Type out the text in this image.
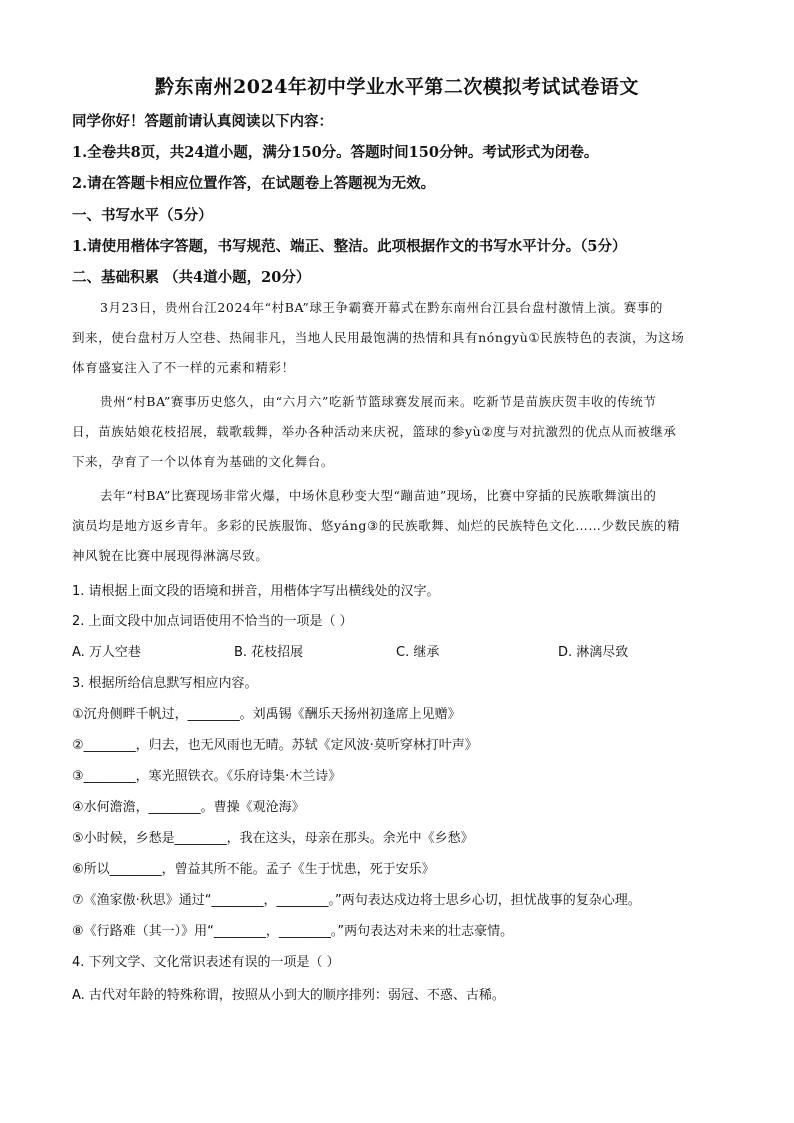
黔东南州2024年初中学业水平第二次模拟考试试卷语文
同学你好！答题前请认真阅读以下内容：
1.全卷共8页，共24道小题，满分150分。答题时间150分钟。考试形式为闭卷。
2.请在答题卡相应位置作答，在试题卷上答题视为无效。
一、书写水平（5分）
1.请使用楷体字答题，书写规范、端正、整洁。此项根据作文的书写水平计分。（5分）
二、基础积累 （共4道小题，20分）
3月23日，贵州台江2024年“村BA”球王争霸赛开幕式在黔东南州台江县台盘村激情上演。赛事的
到来，使台盘村万人空巷、热闹非凡，当地人民用最饱满的热情和具有nóngyù①民族特色的表演，为这场
体育盛宴注入了不一样的元素和精彩！
贵州“村BA”赛事历史悠久，由“六月六”吃新节篮球赛发展而来。吃新节是苗族庆贺丰收的传统节
日，苗族姑娘花枝招展，载歌载舞，举办各种活动来庆祝，篮球的参yù②度与对抗激烈的优点从而被继承
下来，孕育了一个以体育为基础的文化舞台。
去年“村BA”比赛现场非常火爆，中场休息秒变大型“蹦苗迪”现场，比赛中穿插的民族歌舞演出的
演员均是地方返乡青年。多彩的民族服饰、悠yáng③的民族歌舞、灿烂的民族特色文化……少数民族的精
神风貌在比赛中展现得淋漓尽致。
1. 请根据上面文段的语境和拼音，用楷体字写出横线处的汉字。
2. 上面文段中加点词语使用不恰当的一项是（ ）
A. 万人空巷	B. 花枝招展	C. 继承	D. 淋漓尽致
3. 根据所给信息默写相应内容。
①沉舟侧畔千帆过，________。刘禹锡《酬乐天扬州初逢席上见赠》
②________，归去，也无风雨也无晴。苏轼《定风波·莫听穿林打叶声》
③________，寒光照铁衣。《乐府诗集·木兰诗》
④水何澹澹，________。曹操《观沧海》
⑤小时候，乡愁是________，我在这头，母亲在那头。余光中《乡愁》
⑥所以________，曾益其所不能。孟子《生于忧患，死于安乐》
⑦《渔家傲·秋思》通过“________，________。”两句表达戍边将士思乡心切，担忧战事的复杂心理。
⑧《行路难（其一）》用“________，________。”两句表达对未来的壮志豪情。
4. 下列文学、文化常识表述有误的一项是（ ）
A. 古代对年龄的特殊称谓，按照从小到大的顺序排列：弱冠、不惑、古稀。
